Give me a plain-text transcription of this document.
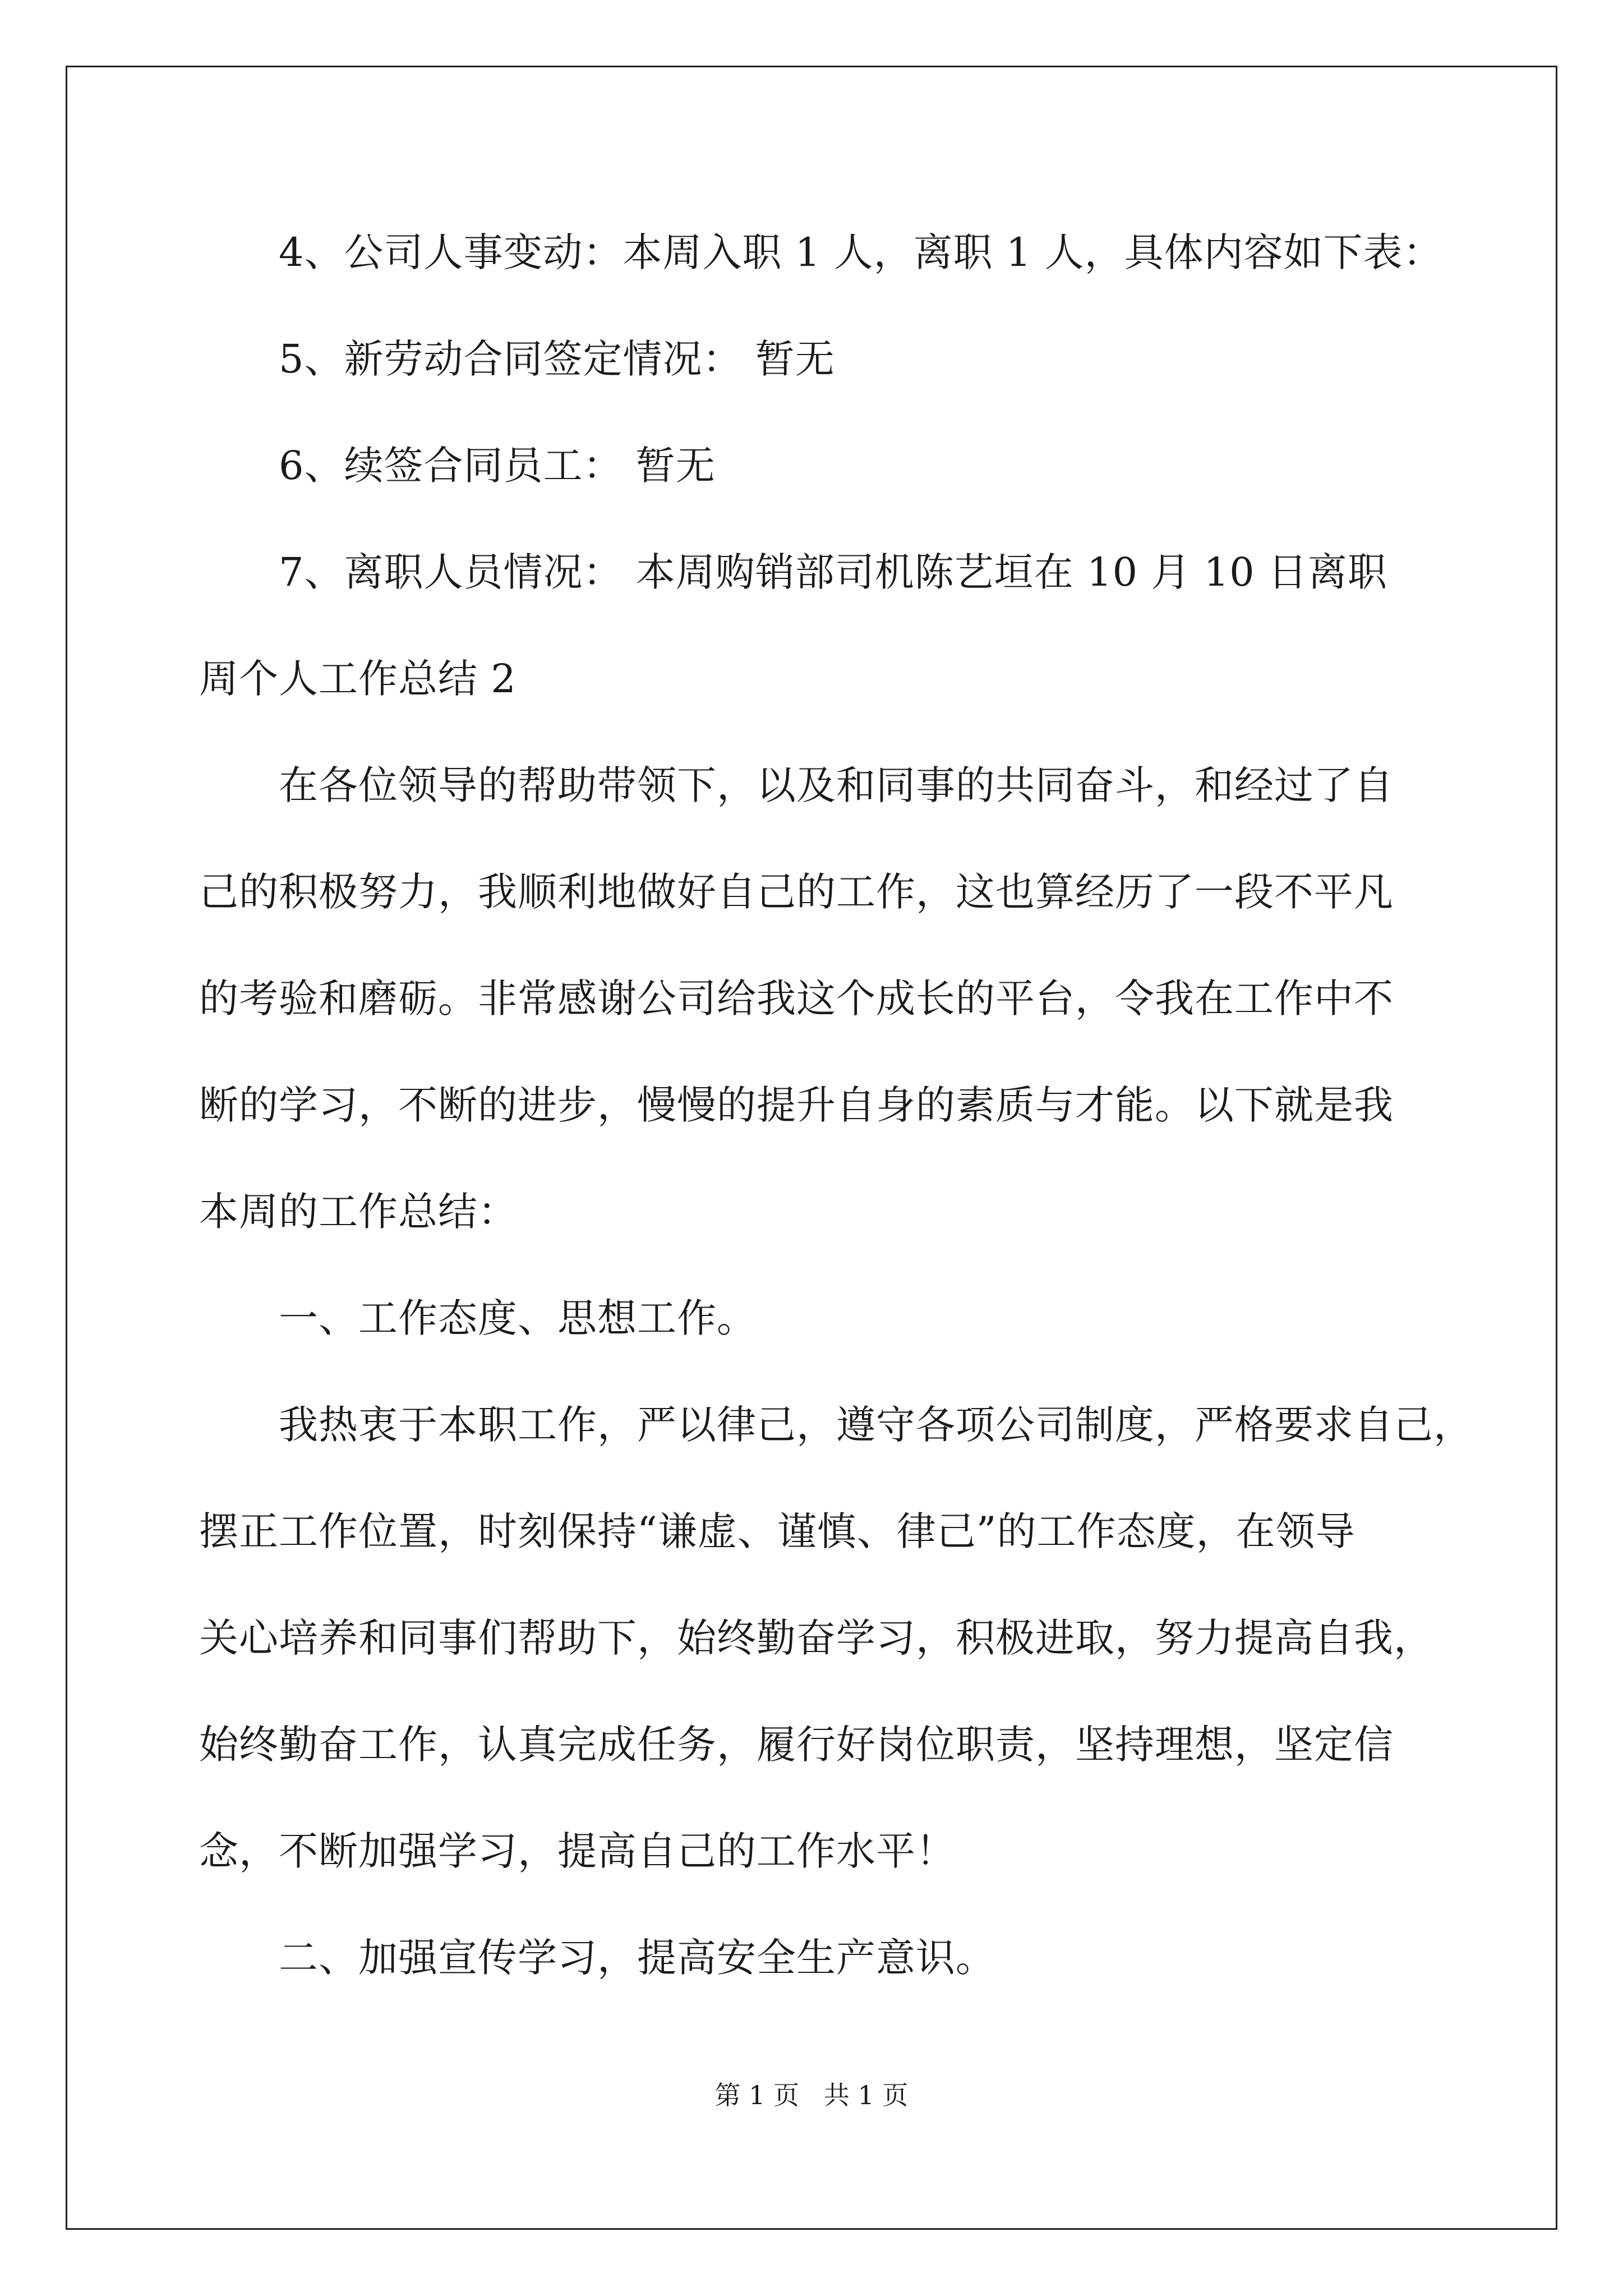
4、公司人事变动：本周入职 1 人，离职 1 人，具体内容如下表：
5、新劳动合同签定情况： 暂无
6、续签合同员工： 暂无
7、离职人员情况： 本周购销部司机陈艺垣在 10 月 10 日离职
周个人工作总结 2
在各位领导的帮助带领下，以及和同事的共同奋斗，和经过了自
己的积极努力，我顺利地做好自己的工作，这也算经历了一段不平凡
的考验和磨砺。非常感谢公司给我这个成长的平台，令我在工作中不
断的学习，不断的进步，慢慢的提升自身的素质与才能。以下就是我
本周的工作总结：
一、工作态度、思想工作。
我热衷于本职工作，严以律己，遵守各项公司制度，严格要求自己，
摆正工作位置，时刻保持“谦虚、谨慎、律己”的工作态度，在领导
关心培养和同事们帮助下，始终勤奋学习，积极进取，努力提高自我，
始终勤奋工作，认真完成任务，履行好岗位职责，坚持理想，坚定信
念，不断加强学习，提高自己的工作水平！
二、加强宣传学习，提高安全生产意识。
第 1 页   共 1 页
